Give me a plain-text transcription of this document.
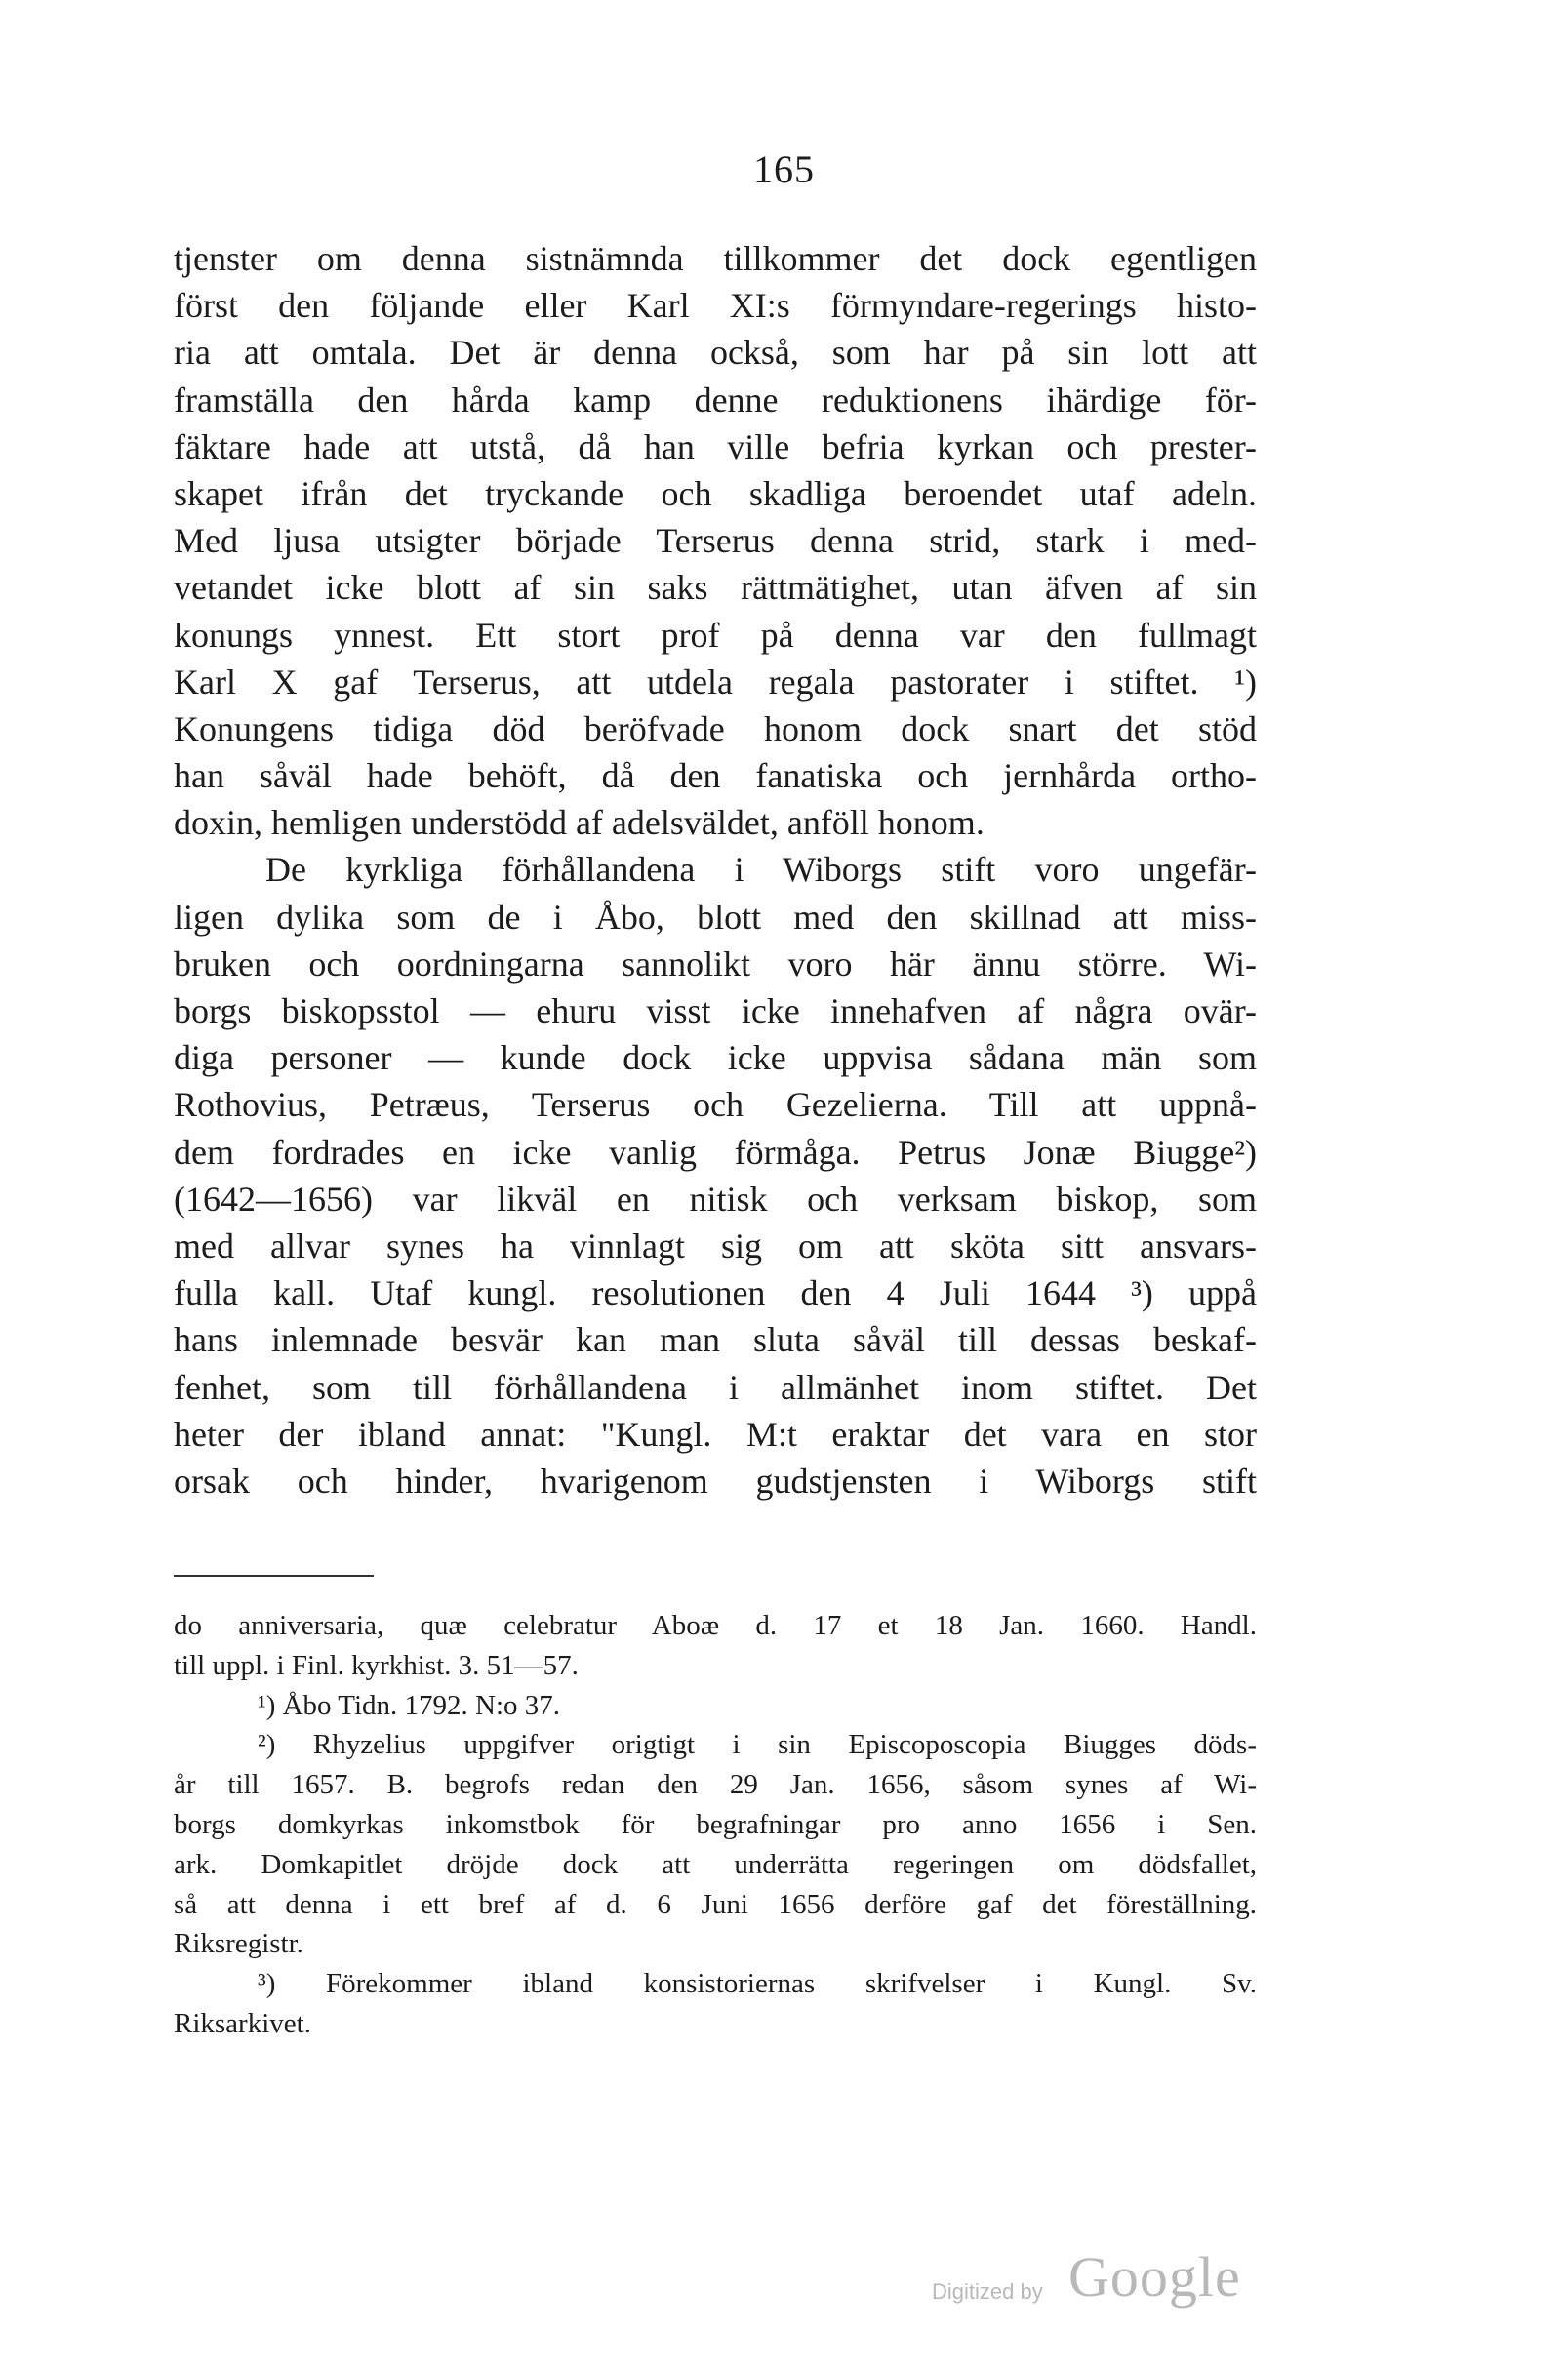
165
tjenster om denna sistnämnda tillkommer det dock egentligen
först den följande eller Karl XI:s förmyndare-regerings histo-
ria att omtala. Det är denna också, som har på sin lott att
framställa den hårda kamp denne reduktionens ihärdige för-
fäktare hade att utstå, då han ville befria kyrkan och prester-
skapet ifrån det tryckande och skadliga beroendet utaf adeln.
Med ljusa utsigter började Terserus denna strid, stark i med-
vetandet icke blott af sin saks rättmätighet, utan äfven af sin
konungs ynnest. Ett stort prof på denna var den fullmagt
Karl X gaf Terserus, att utdela regala pastorater i stiftet. ¹)
Konungens tidiga död beröfvade honom dock snart det stöd
han såväl hade behöft, då den fanatiska och jernhårda ortho-
doxin, hemligen understödd af adelsväldet, anföll honom.
De kyrkliga förhållandena i Wiborgs stift voro ungefär-
ligen dylika som de i Åbo, blott med den skillnad att miss-
bruken och oordningarna sannolikt voro här ännu större. Wi-
borgs biskopsstol — ehuru visst icke innehafven af några ovär-
diga personer — kunde dock icke uppvisa sådana män som
Rothovius, Petræus, Terserus och Gezelierna. Till att uppnå-
dem fordrades en icke vanlig förmåga. Petrus Jonæ Biugge²)
(1642—1656) var likväl en nitisk och verksam biskop, som
med allvar synes ha vinnlagt sig om att sköta sitt ansvars-
fulla kall. Utaf kungl. resolutionen den 4 Juli 1644 ³) uppå
hans inlemnade besvär kan man sluta såväl till dessas beskaf-
fenhet, som till förhållandena i allmänhet inom stiftet. Det
heter der ibland annat: "Kungl. M:t eraktar det vara en stor
orsak och hinder, hvarigenom gudstjensten i Wiborgs stift
do anniversaria, quæ celebratur Aboæ d. 17 et 18 Jan. 1660. Handl.
till uppl. i Finl. kyrkhist. 3. 51—57.
¹) Åbo Tidn. 1792. N:o 37.
²) Rhyzelius uppgifver origtigt i sin Episcoposcopia Biugges döds-
år till 1657. B. begrofs redan den 29 Jan. 1656, såsom synes af Wi-
borgs domkyrkas inkomstbok för begrafningar pro anno 1656 i Sen.
ark. Domkapitlet dröjde dock att underrätta regeringen om dödsfallet,
så att denna i ett bref af d. 6 Juni 1656 derföre gaf det föreställning.
Riksregistr.
³) Förekommer ibland konsistoriernas skrifvelser i Kungl. Sv.
Riksarkivet.
Digitized by Google
